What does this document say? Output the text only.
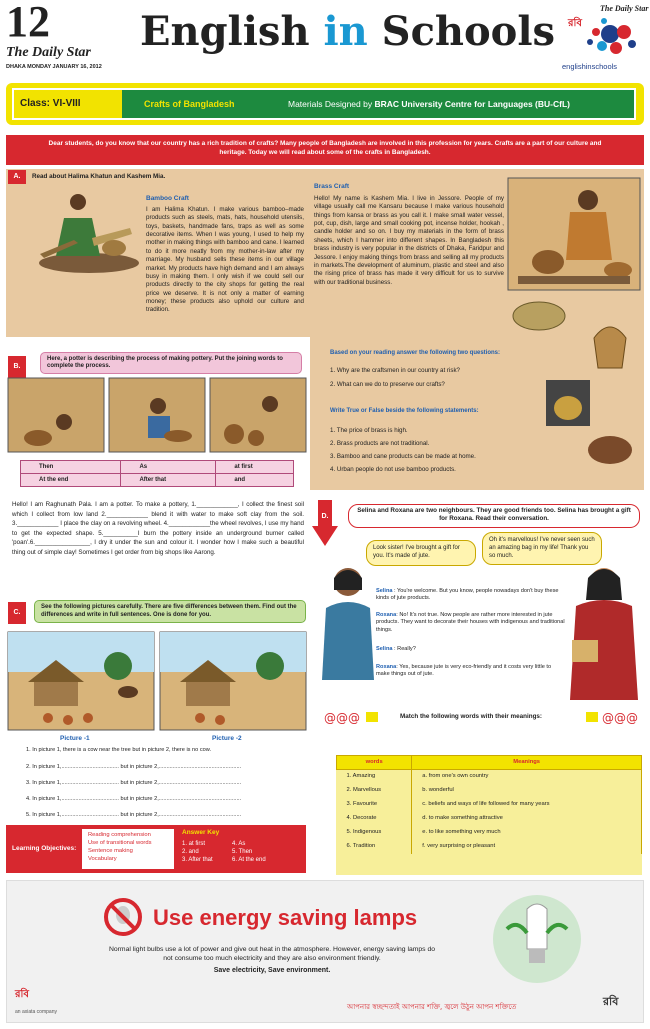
12
The Daily Star
DHAKA MONDAY JANUARY 16, 2012
English in Schools রবি
The Daily Star
englishinschools
Class: VI-VIII	Crafts of Bangladesh	Materials Designed by BRAC University Centre for Languages (BU-CfL)
Dear students, do you know that our country has a rich tradition of crafts? Many people of Bangladesh are involved in this profession for years. Crafts are a part of our culture and heritage. Today we will read about some of the crafts in Bangladesh.
A.	Read about Halima Khatun and Kashem Mia.
Bamboo Craft
I am Halima Khatun. I make various bamboo–made products such as steels, mats, hats, household utensils, toys, baskets, handmade fans, traps as well as some decorative items. When I was young, I used to help my mother in making things with bamboo and cane. I learned to do it more neatly from my mother-in-law after my marriage. My husband sells these items in our village market. My products have high demand and I am always busy in making them. I only wish if we could sell our products directly to the city shops for getting the real price we deserve. It is not only a matter of earning money; these products also uphold our culture and tradition.
Brass Craft
Hello! My name is Kashem Mia. I live in Jessore. People of my village usually call me Kansaru because I make various household things from kansa or brass as you call it. I make small water vessel, pot, cup, dish, large and small cooking pot, incense holder, hookah , candle holder and so on. I buy my materials in the form of brass sheets, which I hammer into different shapes. In Bangladesh this brass industry is very popular in the districts of Dhaka, Faridpur and Jessore. I enjoy making things from brass and selling all my products in markets.The development of aluminum, plastic and steel and also the rising price of brass has made it very difficult for us to survive with our traditional business.
Based on your reading answer the following two questions:
1. Why are the craftsmen in our country at risk?
2. What can we do to preserve our crafts?
Write True or False beside the following statements:
1. The price of brass is high.
2. Brass products are not traditional.
3. Bamboo and cane products can be made at home.
4. Urban people do not use bamboo products.
B.
Here, a potter is describing the process of making pottery. Put the joining words to complete the process.
Then	As	at first
At the end	After that	and
Hello! I am Raghunath Pala. I am a potter. To make a pottery, 1.____________, I collect the finest soil which I collect from low land 2.____________ blend it with water to make soft clay from the soil. 3.____________ I place the clay on a revolving wheel. 4.____________the wheel revolves, I use my hand to get the expected shape. 5.__________I burn the pottery inside an underground burner called 'poan'.6.________________, I dry it under the sun and colour it. I wonder how I make such a beautiful thing out of simple clay! Sometimes I get order from big shops like Aarong.
C.
See the following pictures carefully. There are five differences between them. Find out the differences and write in full sentences. One is done for you.
Picture -1	Picture -2
1. In picture 1, there is a cow near the tree but in picture 2, there is no cow.
2. In picture 1,..................................... but in picture 2,.....................................................
3. In picture 1,..................................... but in picture 2,.....................................................
4. In picture 1,..................................... but in picture 2,.....................................................
5. In picture 1,..................................... but in picture 2,.....................................................
Learning Objectives:
Reading comprehension
Use of transitional words
Sentence making
Vocabulary
Answer Key
1. at first
2. and
3. After that
4. As
5. Then
6. At the end
D.
Selina and Roxana are two neighbours. They are good friends too. Selina has brought a gift for Roxana. Read their conversation.
Look sister! I've brought a gift for you. It's made of jute.
Oh it's marvellous! I've never seen such an amazing bag in my life! Thank you so much.
Selina : You're welcome. But you know, people nowadays don't buy these kinds of jute products.
Roxana: No! It's not true. Now people are rather more interested in jute products. They want to decorate their houses with indigenous and traditional things.
Selina : Really?
Roxana: Yes, because jute is very eco-friendly and it costs very little to make things out of jute.
@@@	@@@
Match the following words with their meanings:
words	Meanings
1. Amazing	a. from one's own country
2. Marvellous	b. wonderful
3. Favourite	c. beliefs and ways of life followed for many years
4. Decorate	d. to make something attractive
5. Indigenous	e. to like something very much
6. Tradition	f. very surprising or pleasant
Use energy saving lamps
Normal light bulbs use a lot of power and give out heat in the atmosphere. However, energy saving lamps do not consume too much electricity and they are also environment friendly.
Save electricity, Save environment.
রবি
an axiata company
আপনার স্বচ্ছন্দতাই আপনার শক্তি, জ্বলে উঠুন আপন শক্তিতে	রবি
